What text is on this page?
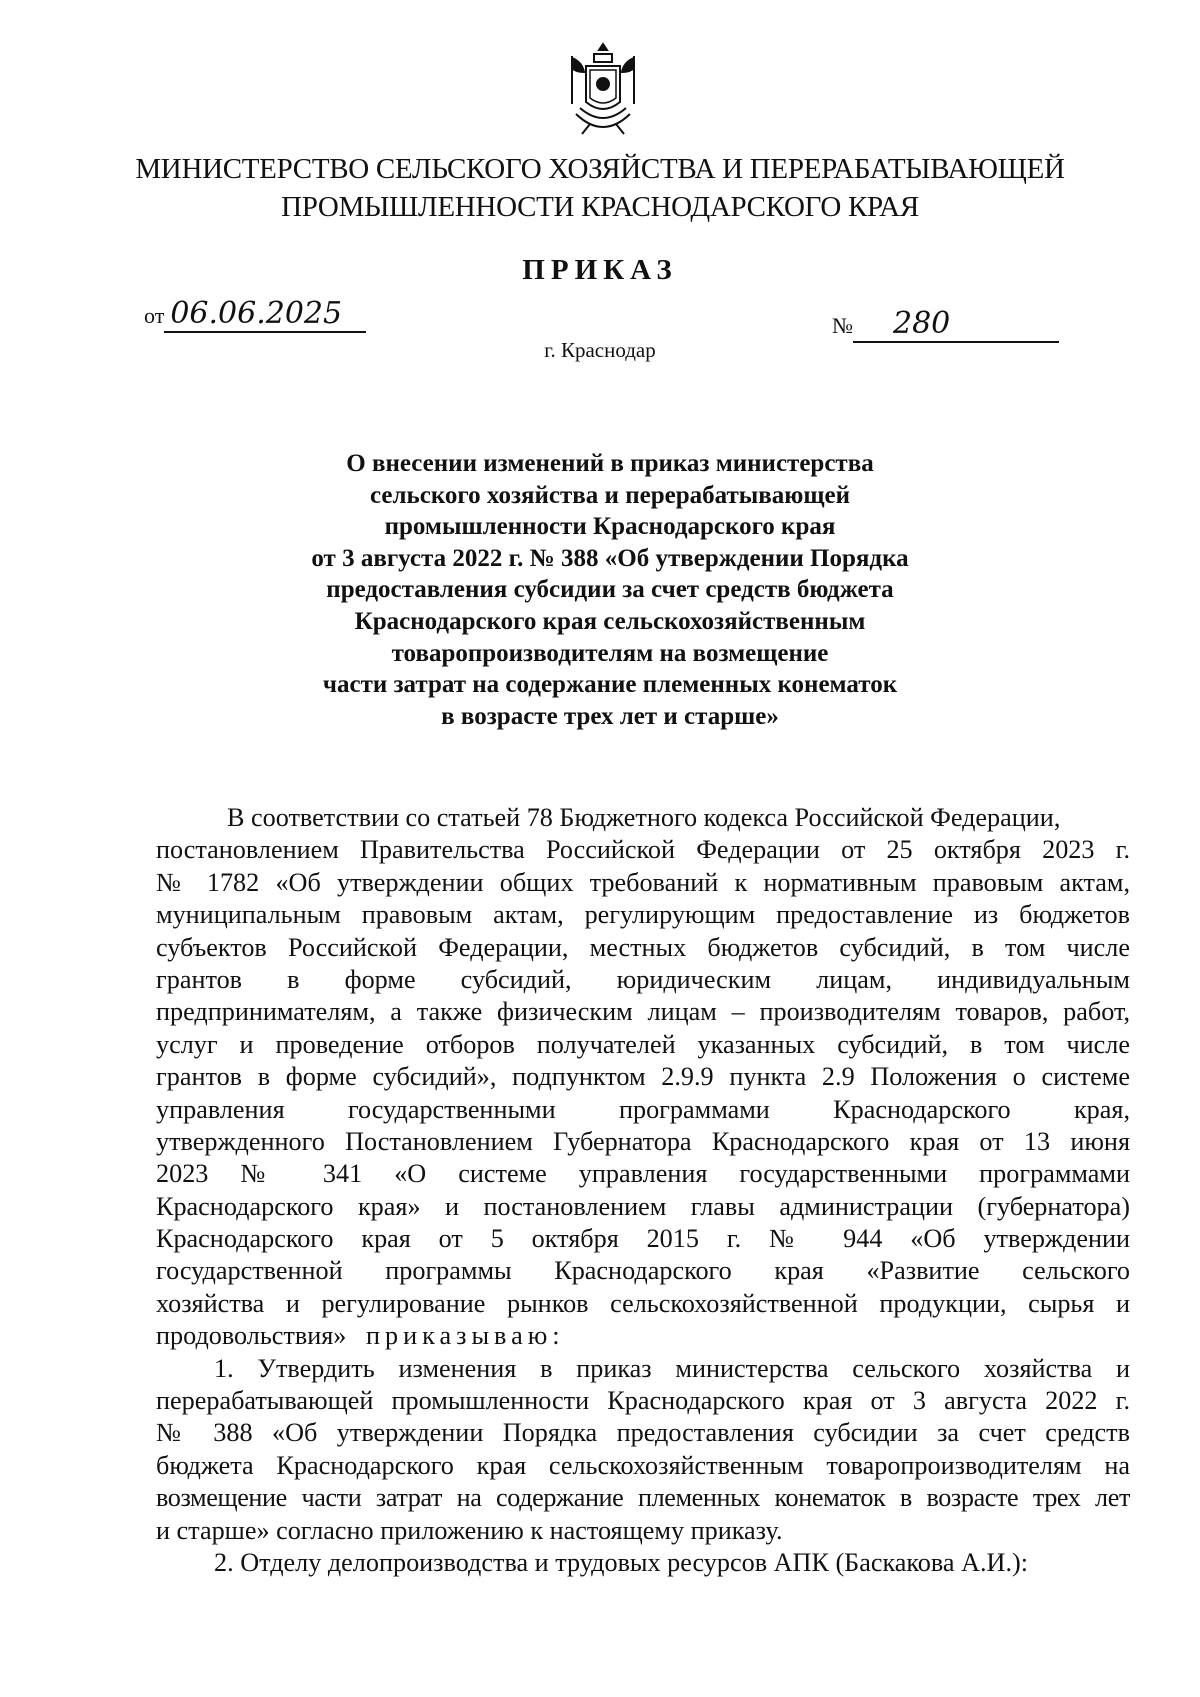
МИНИСТЕРСТВО СЕЛЬСКОГО ХОЗЯЙСТВА И ПЕРЕРАБАТЫВАЮЩЕЙ
ПРОМЫШЛЕННОСТИ КРАСНОДАРСКОГО КРАЯ
ПРИКАЗ
от 06.06.2025	№ 280
г. Краснодар
О внесении изменений в приказ министерства
сельского хозяйства и перерабатывающей
промышленности Краснодарского края
от 3 августа 2022 г. № 388 «Об утверждении Порядка
предоставления субсидии за счет средств бюджета
Краснодарского края сельскохозяйственным
товаропроизводителям на возмещение
части затрат на содержание племенных конематок
в возрасте трех лет и старше»
В соответствии со статьей 78 Бюджетного кодекса Российской Федерации,
постановлением Правительства Российской Федерации от 25 октября 2023 г.
№ 1782 «Об утверждении общих требований к нормативным правовым актам,
муниципальным правовым актам, регулирующим предоставление из бюджетов
субъектов Российской Федерации, местных бюджетов субсидий, в том числе
грантов в форме субсидий, юридическим лицам, индивидуальным
предпринимателям, а также физическим лицам – производителям товаров, работ,
услуг и проведение отборов получателей указанных субсидий, в том числе
грантов в форме субсидий», подпунктом 2.9.9 пункта 2.9 Положения о системе
управления государственными программами Краснодарского края,
утвержденного Постановлением Губернатора Краснодарского края от 13 июня
2023 № 341 «О системе управления государственными программами
Краснодарского края» и постановлением главы администрации (губернатора)
Краснодарского края от 5 октября 2015 г. № 944 «Об утверждении
государственной программы Краснодарского края «Развитие сельского
хозяйства и регулирование рынков сельскохозяйственной продукции, сырья и
продовольствия» приказываю:
1. Утвердить изменения в приказ министерства сельского хозяйства и
перерабатывающей промышленности Краснодарского края от 3 августа 2022 г.
№ 388 «Об утверждении Порядка предоставления субсидии за счет средств
бюджета Краснодарского края сельскохозяйственным товаропроизводителям на
возмещение части затрат на содержание племенных конематок в возрасте трех лет
и старше» согласно приложению к настоящему приказу.
2. Отделу делопроизводства и трудовых ресурсов АПК (Баскакова А.И.):
